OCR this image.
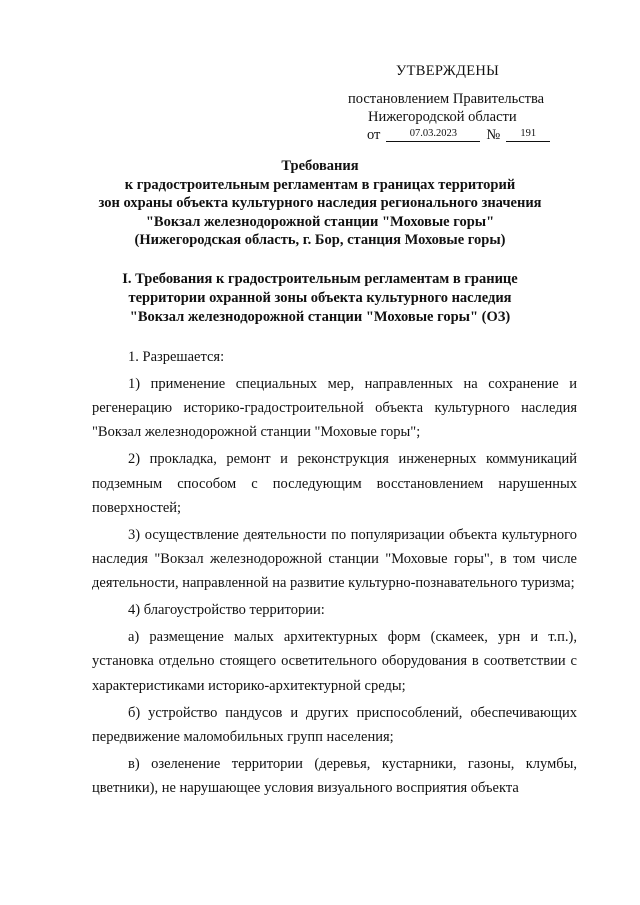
УТВЕРЖДЕНЫ
постановлением Правительства
Нижегородской области
от	07.03.2023 № 191
Требования
к градостроительным регламентам в границах территорий
зон охраны объекта культурного наследия регионального значения
"Вокзал железнодорожной станции "Моховые горы"
(Нижегородская область, г. Бор, станция Моховые горы)
I. Требования к градостроительным регламентам в границе
территории охранной зоны объекта культурного наследия
"Вокзал железнодорожной станции "Моховые горы" (ОЗ)

1. Разрешается:

1) применение специальных мер, направленных на сохранение и регенерацию историко-градостроительной объекта культурного наследия "Вокзал железнодорожной станции "Моховые горы";

2) прокладка, ремонт и реконструкция инженерных коммуникаций подземным способом с последующим восстановлением нарушенных поверхностей;

3) осуществление деятельности по популяризации объекта культурного наследия "Вокзал железнодорожной станции "Моховые горы", в том числе деятельности, направленной на развитие культурно-познавательного туризма;

4) благоустройство территории:

а) размещение малых архитектурных форм (скамеек, урн и т.п.), установка отдельно стоящего осветительного оборудования в соответствии с характеристиками историко-архитектурной среды;

б) устройство пандусов и других приспособлений, обеспечивающих передвижение маломобильных групп населения;

в) озеленение территории (деревья, кустарники, газоны, клумбы, цветники), не нарушающее условия визуального восприятия объекта
